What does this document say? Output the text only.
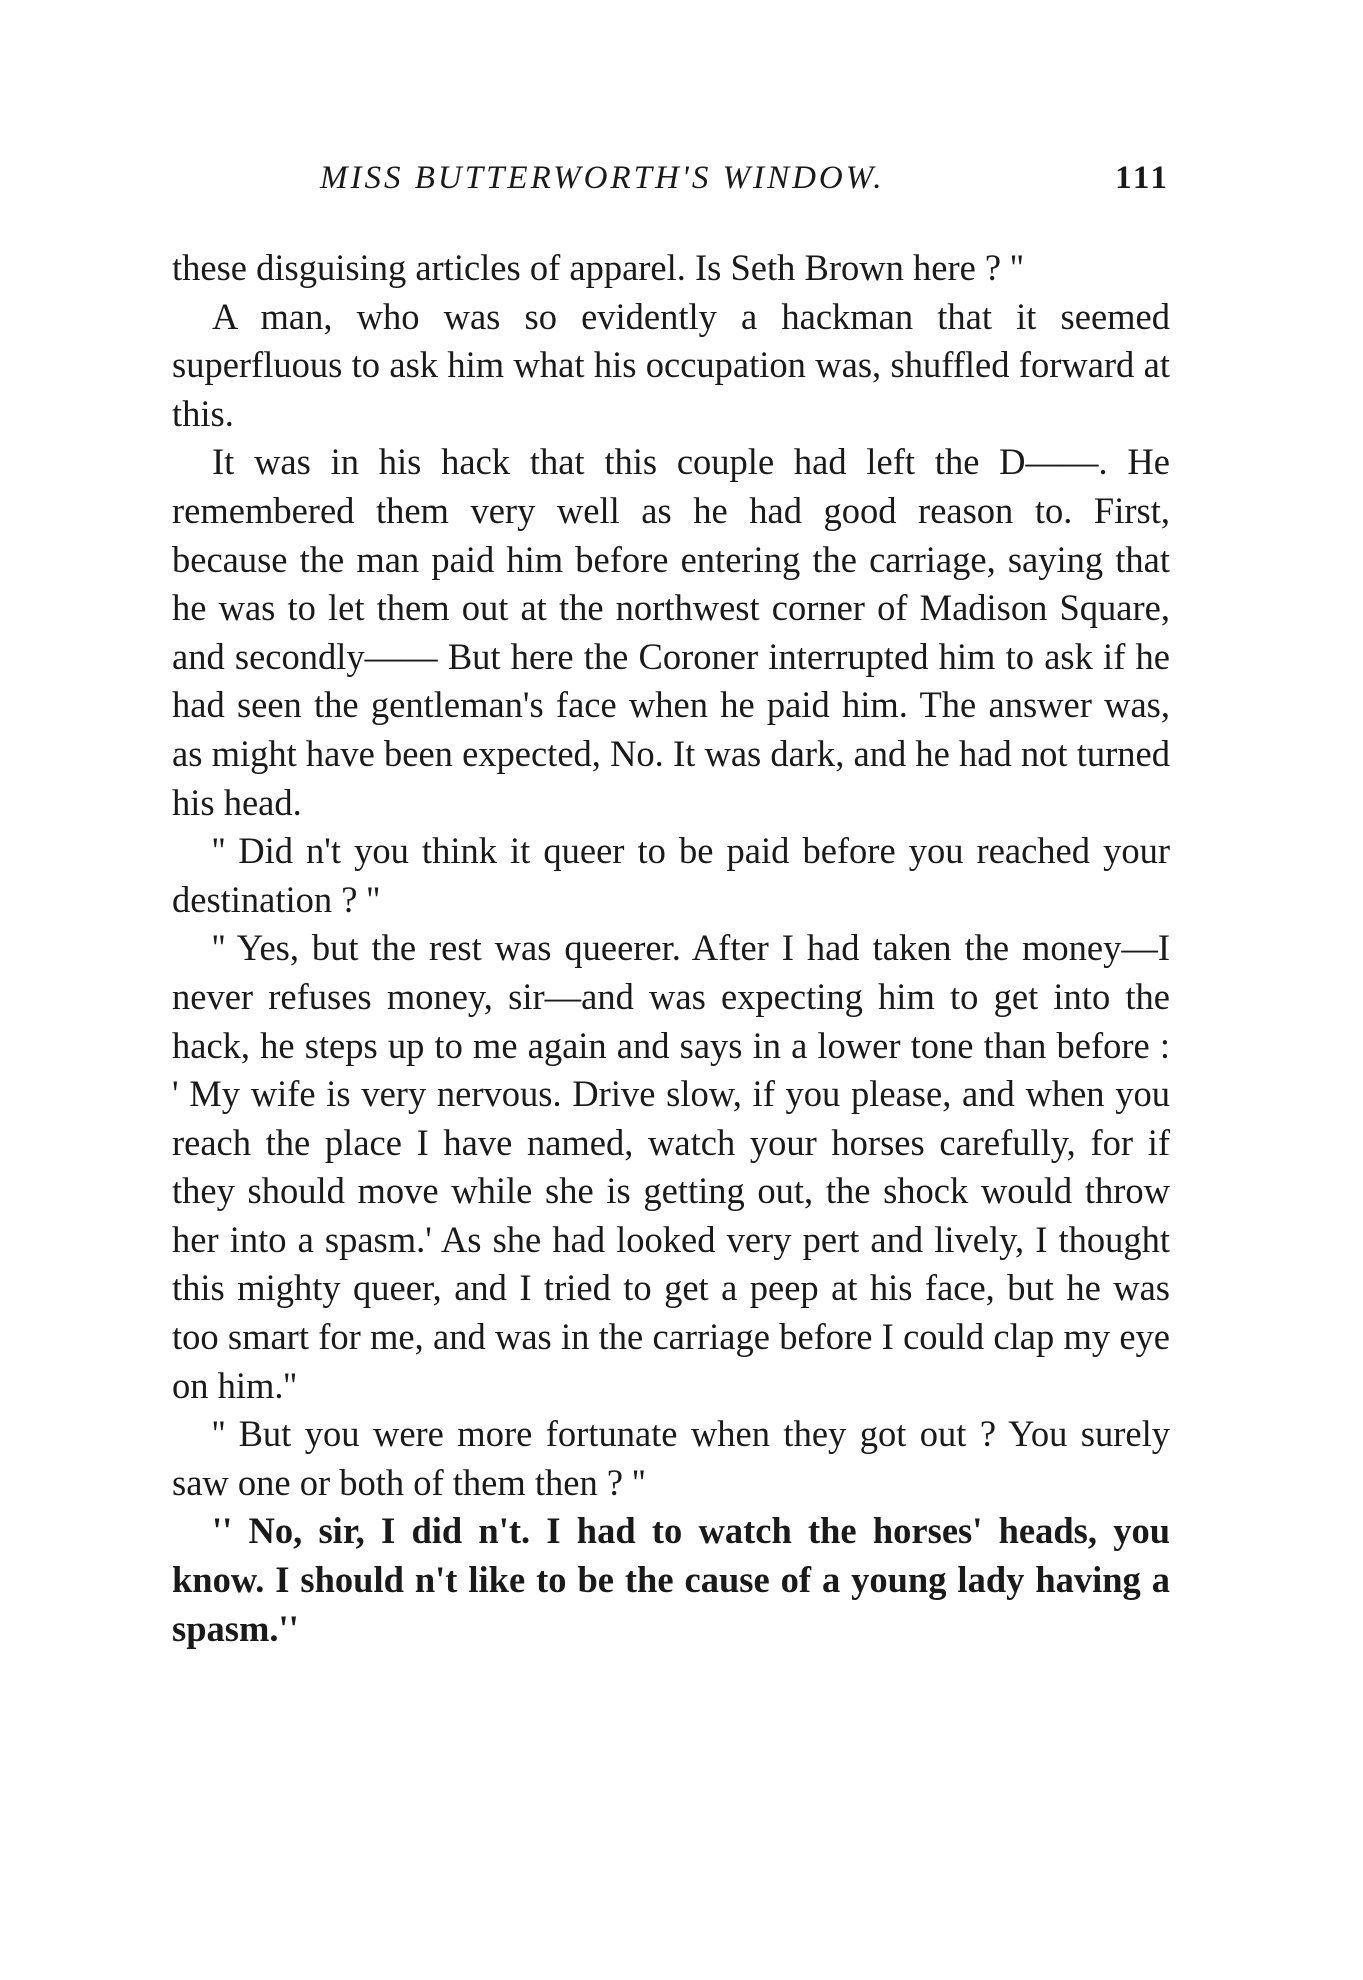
MISS BUTTERWORTH'S WINDOW.	111

these disguising articles of apparel. Is Seth Brown here ? ''

A man, who was so evidently a hackman that it seemed superfluous to ask him what his occupation was, shuffled forward at this.

It was in his hack that this couple had left the D——. He remembered them very well as he had good reason to. First, because the man paid him before entering the carriage, saying that he was to let them out at the northwest corner of Madison Square, and secondly—— But here the Coroner interrupted him to ask if he had seen the gentleman's face when he paid him. The answer was, as might have been expected, No. It was dark, and he had not turned his head.

'' Did n't you think it queer to be paid before you reached your destination ? ''

'' Yes, but the rest was queerer. After I had taken the money—I never refuses money, sir—and was expecting him to get into the hack, he steps up to me again and says in a lower tone than before : ' My wife is very nervous. Drive slow, if you please, and when you reach the place I have named, watch your horses carefully, for if they should move while she is getting out, the shock would throw her into a spasm.' As she had looked very pert and lively, I thought this mighty queer, and I tried to get a peep at his face, but he was too smart for me, and was in the carriage before I could clap my eye on him.''

'' But you were more fortunate when they got out ? You surely saw one or both of them then ? ''

'' No, sir, I did n't. I had to watch the horses' heads, you know. I should n't like to be the cause of a young lady having a spasm.''
